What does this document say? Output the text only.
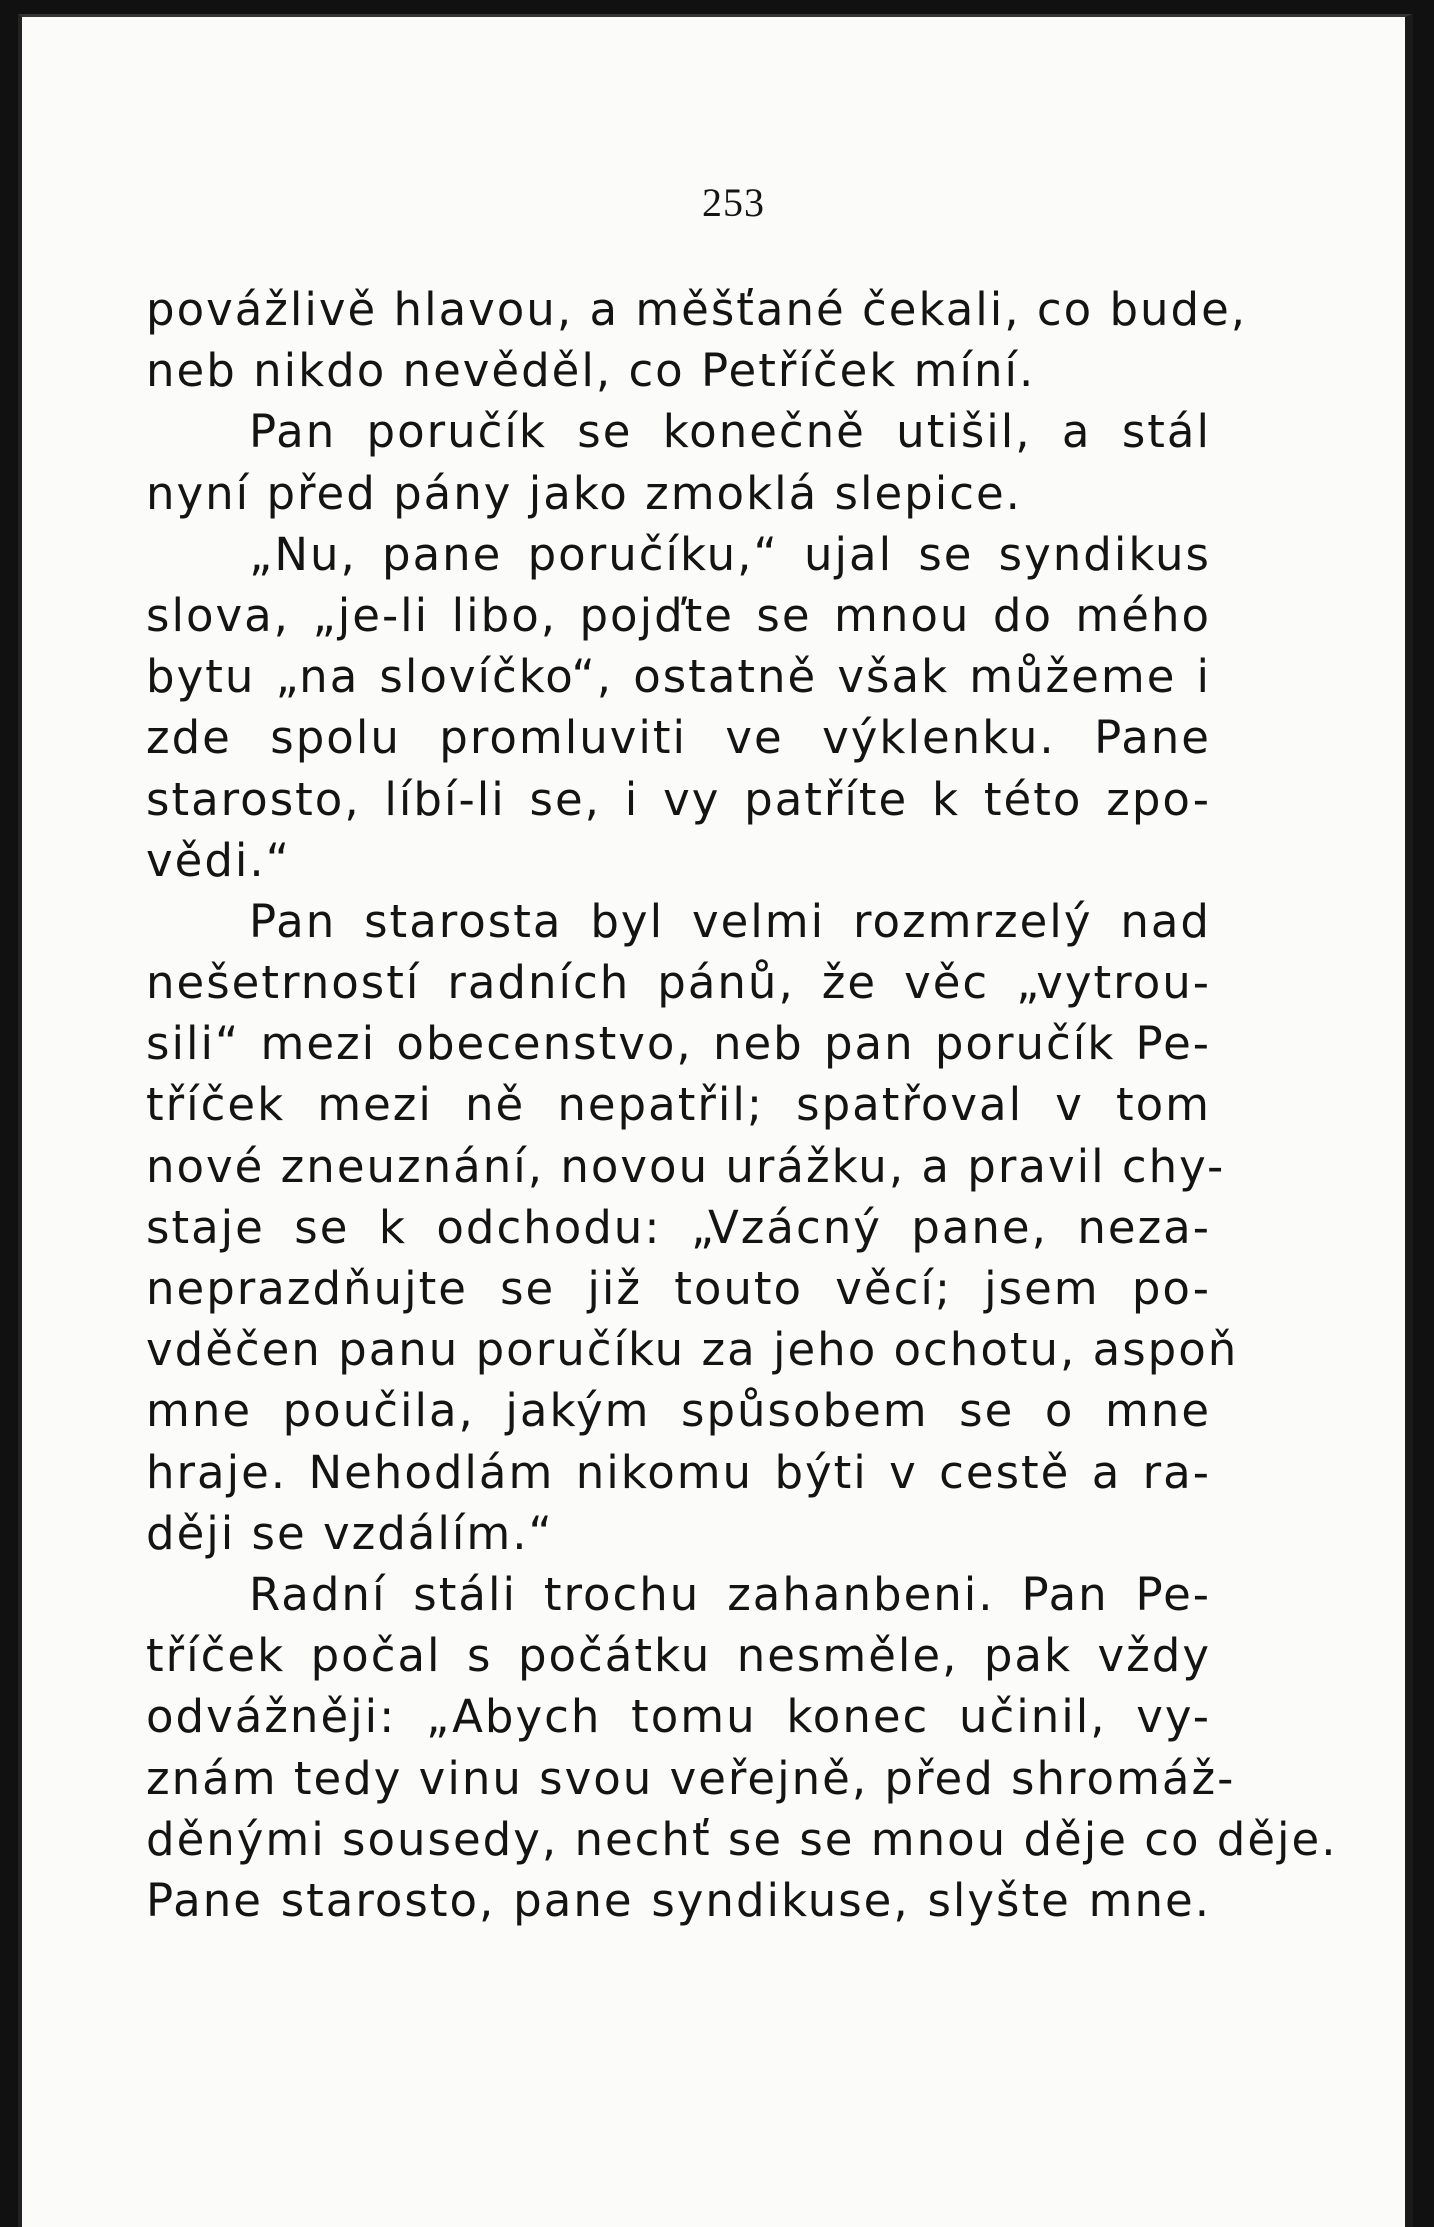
253
povážlivě hlavou, a měšťané čekali, co bude,
neb nikdo nevěděl, co Petříček míní.
Pan poručík se konečně utišil, a stál
nyní před pány jako zmoklá slepice.
„Nu, pane poručíku,“ ujal se syndikus
slova, „je-li libo, pojďte se mnou do mého
bytu „na slovíčko“, ostatně však můžeme i
zde spolu promluviti ve výklenku. Pane
starosto, líbí-li se, i vy patříte k této zpo-
vědi.“
Pan starosta byl velmi rozmrzelý nad
nešetrností radních pánů, že věc „vytrou-
sili“ mezi obecenstvo, neb pan poručík Pe-
tříček mezi ně nepatřil; spatřoval v tom
nové zneuznání, novou urážku, a pravil chy-
staje se k odchodu: „Vzácný pane, neza-
neprazdňujte se již touto věcí; jsem po-
vděčen panu poručíku za jeho ochotu, aspoň
mne poučila, jakým spůsobem se o mne
hraje. Nehodlám nikomu býti v cestě a ra-
ději se vzdálím.“
Radní stáli trochu zahanbeni. Pan Pe-
tříček počal s počátku nesměle, pak vždy
odvážněji: „Abych tomu konec učinil, vy-
znám tedy vinu svou veřejně, před shromáž-
děnými sousedy, nechť se se mnou děje co děje.
Pane starosto, pane syndikuse, slyšte mne.
